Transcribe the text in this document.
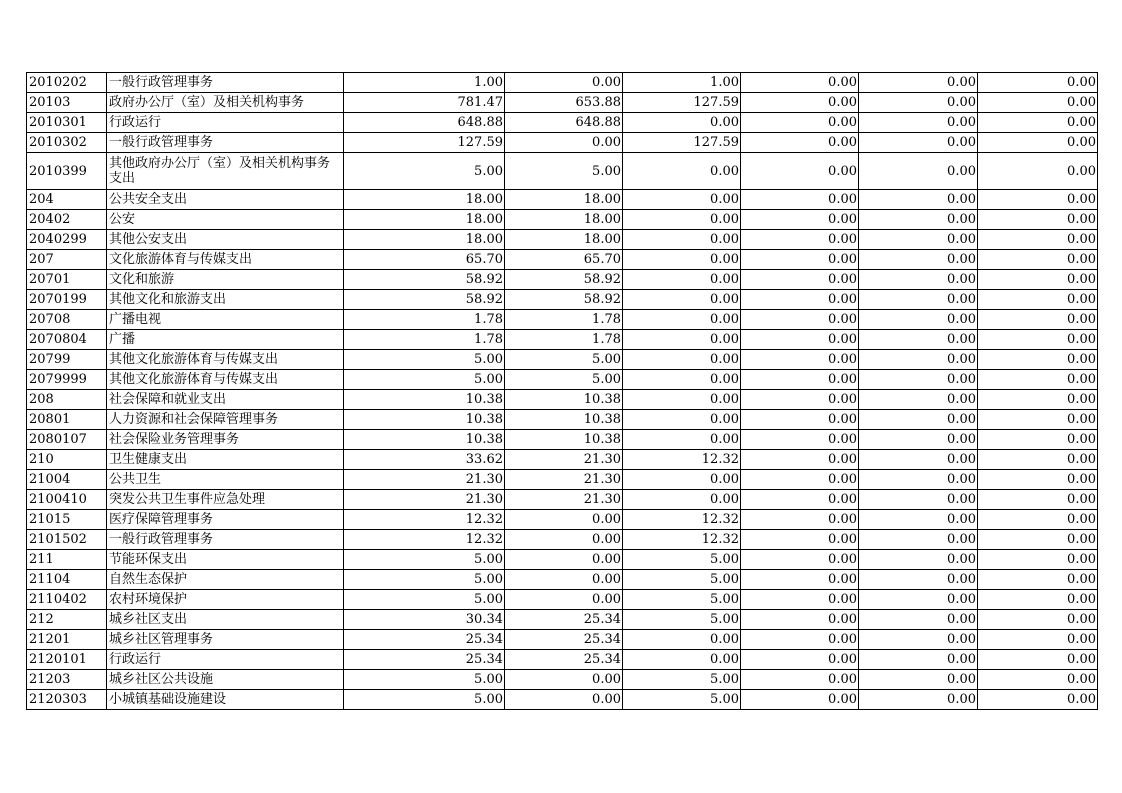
2010202	一般行政管理事务	1.00	0.00	1.00	0.00	0.00	0.00
20103	政府办公厅（室）及相关机构事务	781.47	653.88	127.59	0.00	0.00	0.00
2010301	行政运行	648.88	648.88	0.00	0.00	0.00	0.00
2010302	一般行政管理事务	127.59	0.00	127.59	0.00	0.00	0.00
2010399	其他政府办公厅（室）及相关机构事务支出	5.00	5.00	0.00	0.00	0.00	0.00
204	公共安全支出	18.00	18.00	0.00	0.00	0.00	0.00
20402	公安	18.00	18.00	0.00	0.00	0.00	0.00
2040299	其他公安支出	18.00	18.00	0.00	0.00	0.00	0.00
207	文化旅游体育与传媒支出	65.70	65.70	0.00	0.00	0.00	0.00
20701	文化和旅游	58.92	58.92	0.00	0.00	0.00	0.00
2070199	其他文化和旅游支出	58.92	58.92	0.00	0.00	0.00	0.00
20708	广播电视	1.78	1.78	0.00	0.00	0.00	0.00
2070804	广播	1.78	1.78	0.00	0.00	0.00	0.00
20799	其他文化旅游体育与传媒支出	5.00	5.00	0.00	0.00	0.00	0.00
2079999	其他文化旅游体育与传媒支出	5.00	5.00	0.00	0.00	0.00	0.00
208	社会保障和就业支出	10.38	10.38	0.00	0.00	0.00	0.00
20801	人力资源和社会保障管理事务	10.38	10.38	0.00	0.00	0.00	0.00
2080107	社会保险业务管理事务	10.38	10.38	0.00	0.00	0.00	0.00
210	卫生健康支出	33.62	21.30	12.32	0.00	0.00	0.00
21004	公共卫生	21.30	21.30	0.00	0.00	0.00	0.00
2100410	突发公共卫生事件应急处理	21.30	21.30	0.00	0.00	0.00	0.00
21015	医疗保障管理事务	12.32	0.00	12.32	0.00	0.00	0.00
2101502	一般行政管理事务	12.32	0.00	12.32	0.00	0.00	0.00
211	节能环保支出	5.00	0.00	5.00	0.00	0.00	0.00
21104	自然生态保护	5.00	0.00	5.00	0.00	0.00	0.00
2110402	农村环境保护	5.00	0.00	5.00	0.00	0.00	0.00
212	城乡社区支出	30.34	25.34	5.00	0.00	0.00	0.00
21201	城乡社区管理事务	25.34	25.34	0.00	0.00	0.00	0.00
2120101	行政运行	25.34	25.34	0.00	0.00	0.00	0.00
21203	城乡社区公共设施	5.00	0.00	5.00	0.00	0.00	0.00
2120303	小城镇基础设施建设	5.00	0.00	5.00	0.00	0.00	0.00
